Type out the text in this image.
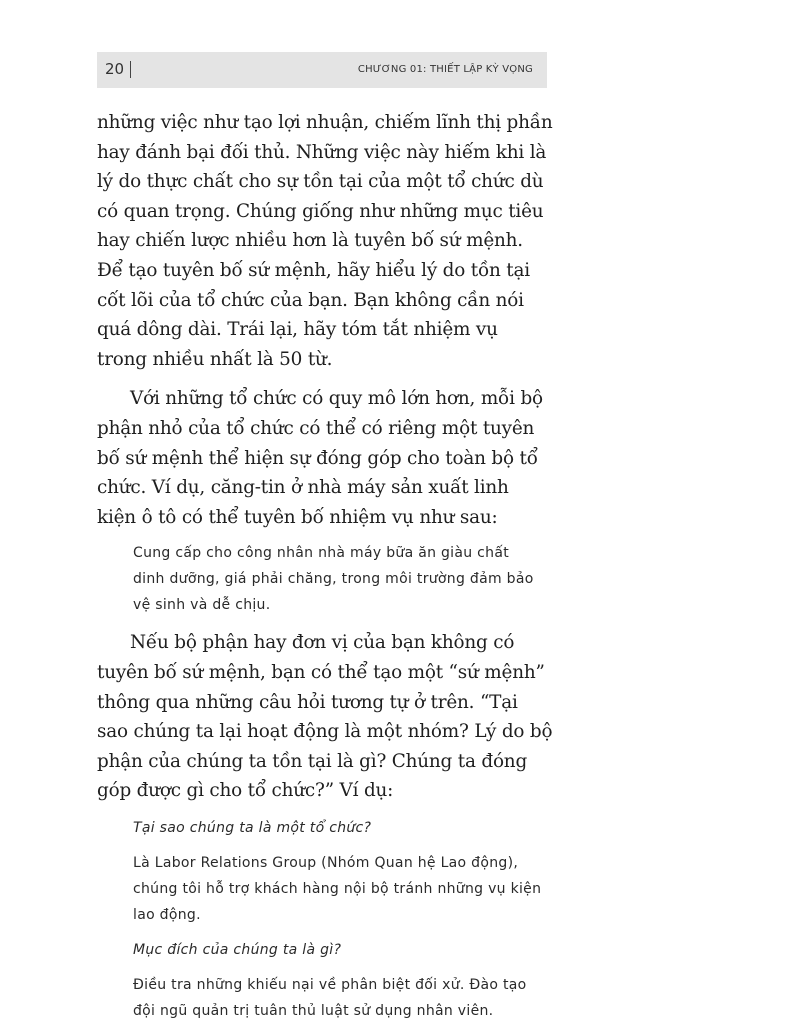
20	CHƯƠNG 01: THIẾT LẬP KỲ VỌNG

những việc như tạo lợi nhuận, chiếm lĩnh thị phần hay đánh bại đối thủ. Những việc này hiếm khi là lý do thực chất cho sự tồn tại của một tổ chức dù có quan trọng. Chúng giống như những mục tiêu hay chiến lược nhiều hơn là tuyên bố sứ mệnh. Để tạo tuyên bố sứ mệnh, hãy hiểu lý do tồn tại cốt lõi của tổ chức của bạn. Bạn không cần nói quá dông dài. Trái lại, hãy tóm tắt nhiệm vụ trong nhiều nhất là 50 từ.

Với những tổ chức có quy mô lớn hơn, mỗi bộ phận nhỏ của tổ chức có thể có riêng một tuyên bố sứ mệnh thể hiện sự đóng góp cho toàn bộ tổ chức. Ví dụ, căng-tin ở nhà máy sản xuất linh kiện ô tô có thể tuyên bố nhiệm vụ như sau:

Cung cấp cho công nhân nhà máy bữa ăn giàu chất dinh dưỡng, giá phải chăng, trong môi trường đảm bảo vệ sinh và dễ chịu.

Nếu bộ phận hay đơn vị của bạn không có tuyên bố sứ mệnh, bạn có thể tạo một “sứ mệnh” thông qua những câu hỏi tương tự ở trên. “Tại sao chúng ta lại hoạt động là một nhóm? Lý do bộ phận của chúng ta tồn tại là gì? Chúng ta đóng góp được gì cho tổ chức?” Ví dụ:

Tại sao chúng ta là một tổ chức?

Là Labor Relations Group (Nhóm Quan hệ Lao động), chúng tôi hỗ trợ khách hàng nội bộ tránh những vụ kiện lao động.

Mục đích của chúng ta là gì?

Điều tra những khiếu nại về phân biệt đối xử. Đào tạo đội ngũ quản trị tuân thủ luật sử dụng nhân viên.
